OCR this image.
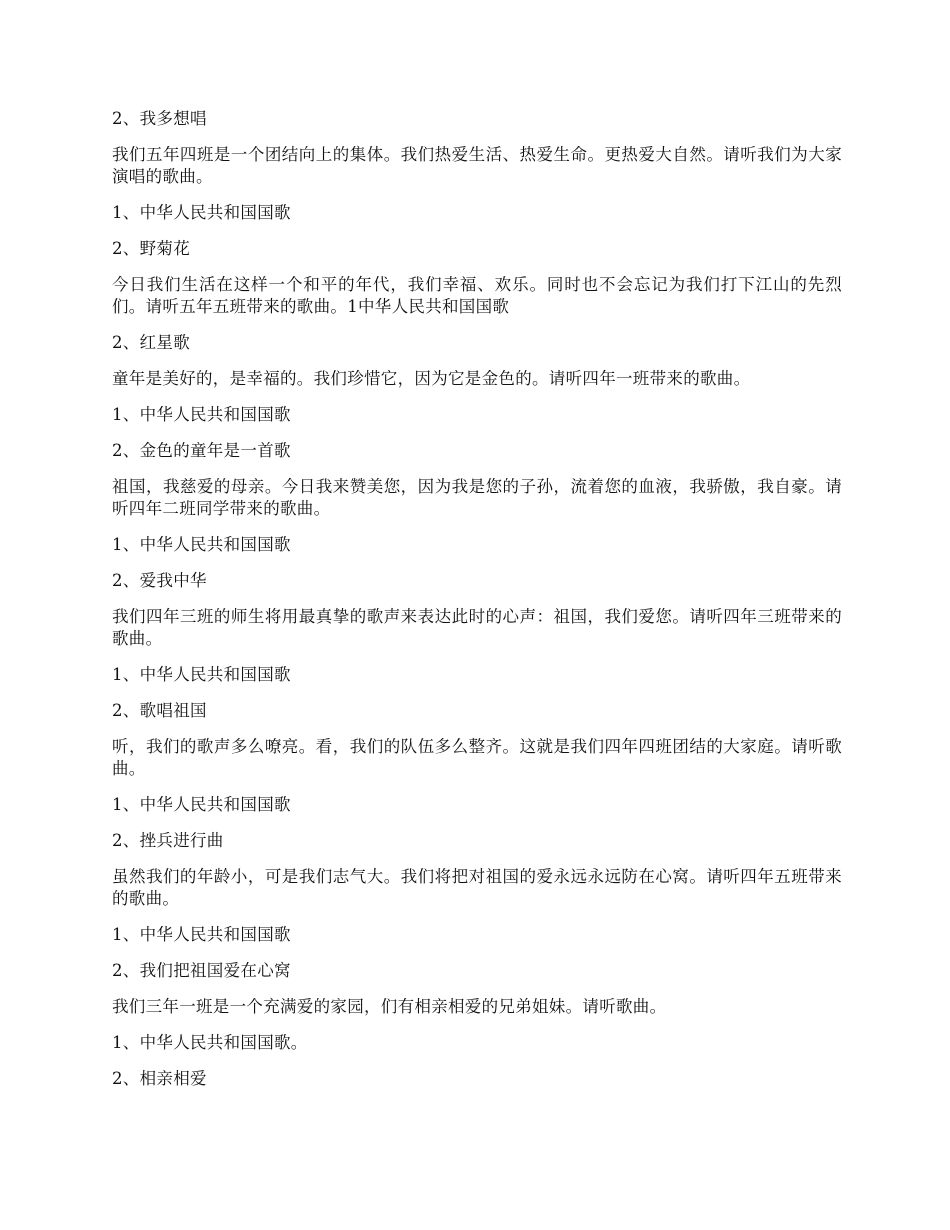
2、我多想唱

我们五年四班是一个团结向上的集体。我们热爱生活、热爱生命。更热爱大自然。请听我们为大家演唱的歌曲。

1、中华人民共和国国歌

2、野菊花

今日我们生活在这样一个和平的年代，我们幸福、欢乐。同时也不会忘记为我们打下江山的先烈们。请听五年五班带来的歌曲。1中华人民共和国国歌

2、红星歌

童年是美好的，是幸福的。我们珍惜它，因为它是金色的。请听四年一班带来的歌曲。

1、中华人民共和国国歌

2、金色的童年是一首歌

祖国，我慈爱的母亲。今日我来赞美您，因为我是您的子孙，流着您的血液，我骄傲，我自豪。请听四年二班同学带来的歌曲。

1、中华人民共和国国歌

2、爱我中华

我们四年三班的师生将用最真挚的歌声来表达此时的心声：祖国，我们爱您。请听四年三班带来的歌曲。

1、中华人民共和国国歌

2、歌唱祖国

听，我们的歌声多么嘹亮。看，我们的队伍多么整齐。这就是我们四年四班团结的大家庭。请听歌曲。

1、中华人民共和国国歌

2、挫兵进行曲

虽然我们的年龄小，可是我们志气大。我们将把对祖国的爱永远永远防在心窝。请听四年五班带来的歌曲。

1、中华人民共和国国歌

2、我们把祖国爱在心窝

我们三年一班是一个充满爱的家园，们有相亲相爱的兄弟姐妹。请听歌曲。

1、中华人民共和国国歌。

2、相亲相爱
